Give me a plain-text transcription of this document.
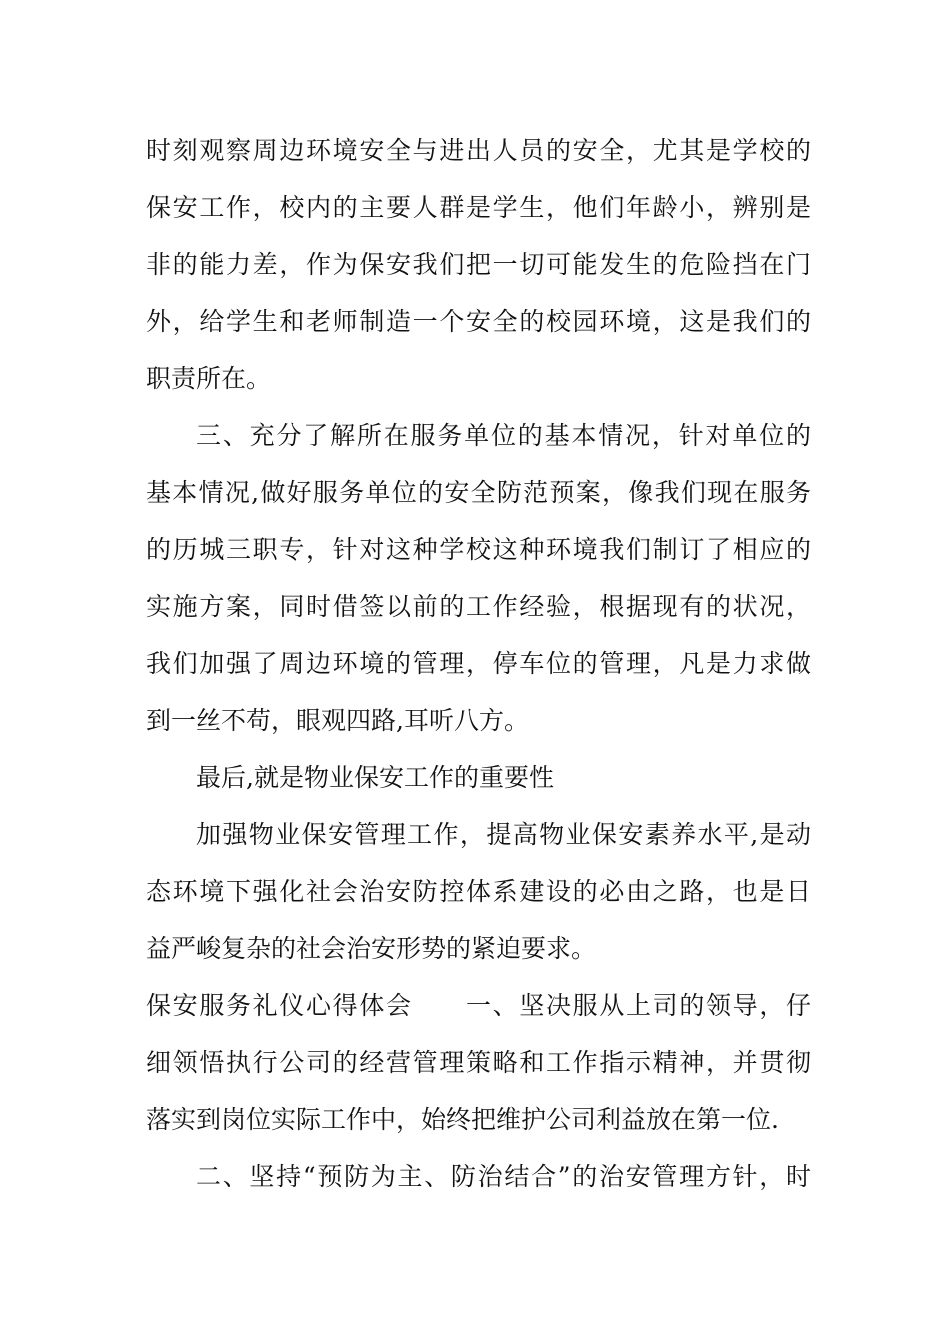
时刻观察周边环境安全与进出人员的安全，尤其是学校的
保安工作，校内的主要人群是学生，他们年龄小，辨别是
非的能力差，作为保安我们把一切可能发生的危险挡在门
外，给学生和老师制造一个安全的校园环境，这是我们的
职责所在。
三、充分了解所在服务单位的基本情况，针对单位的
基本情况,做好服务单位的安全防范预案，像我们现在服务
的历城三职专，针对这种学校这种环境我们制订了相应的
实施方案，同时借签以前的工作经验，根据现有的状况，
我们加强了周边环境的管理，停车位的管理，凡是力求做
到一丝不苟，眼观四路,耳听八方。
最后,就是物业保安工作的重要性
加强物业保安管理工作，提高物业保安素养水平,是动
态环境下强化社会治安防控体系建设的必由之路，也是日
益严峻复杂的社会治安形势的紧迫要求。
保安服务礼仪心得体会　　一、坚决服从上司的领导，仔
细领悟执行公司的经营管理策略和工作指示精神，并贯彻
落实到岗位实际工作中，始终把维护公司利益放在第一位.
二、坚持“预防为主、防治结合”的治安管理方针，时
